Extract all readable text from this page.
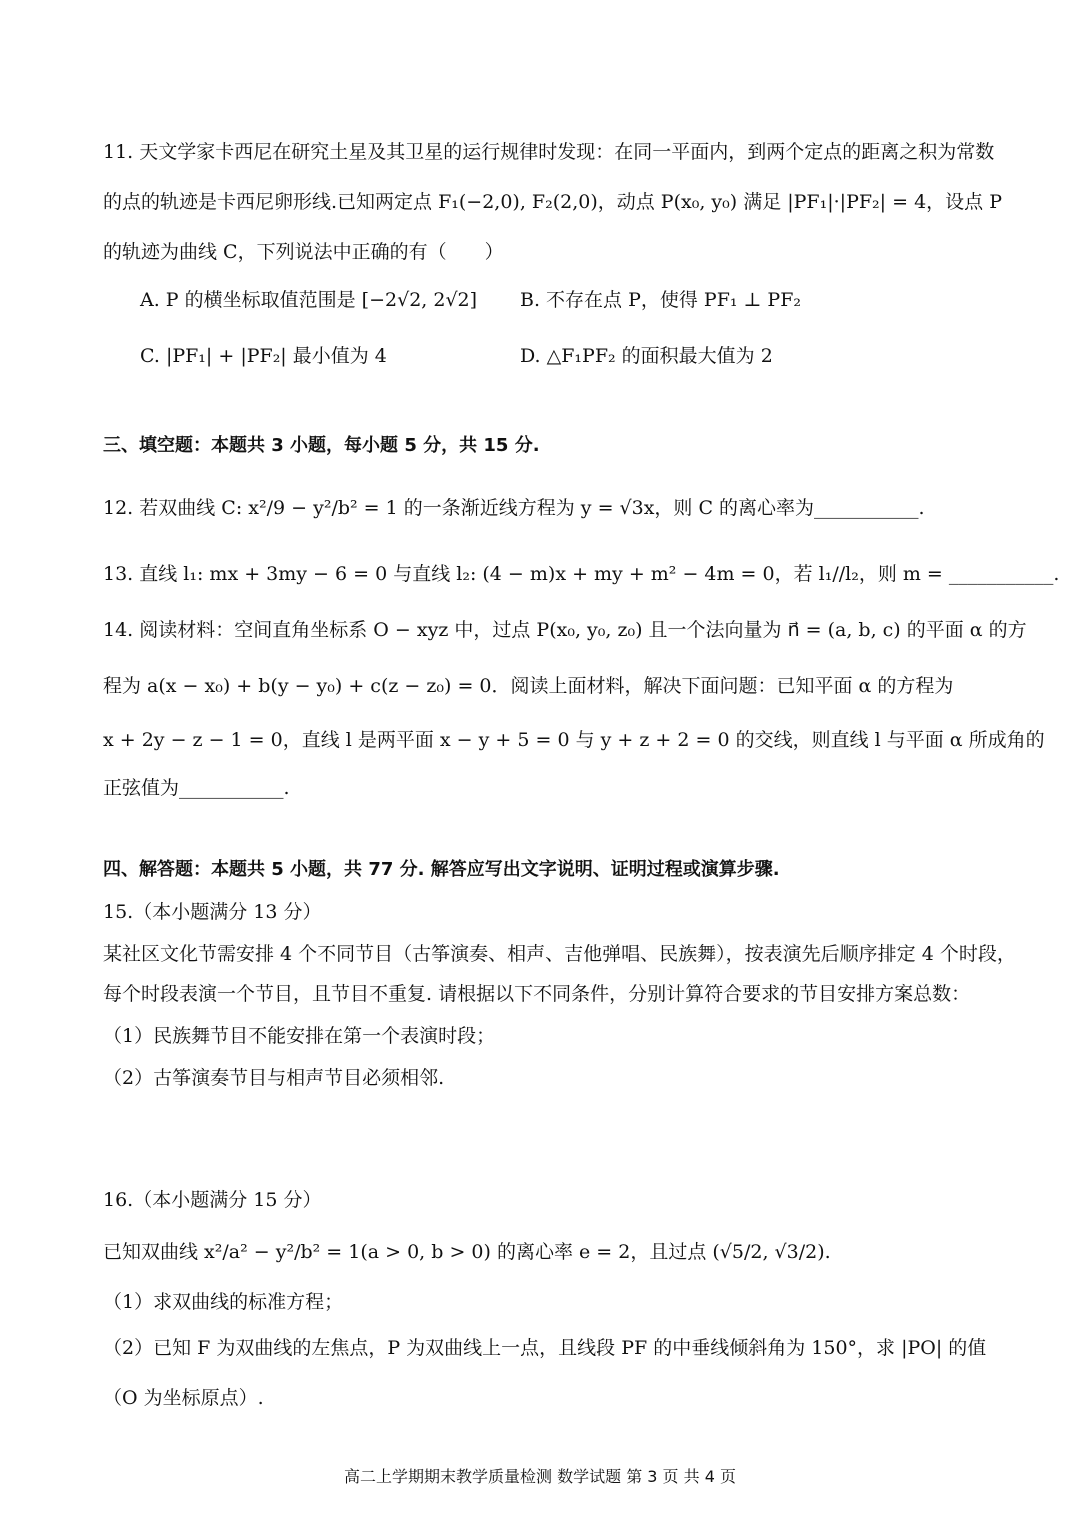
11. 天文学家卡西尼在研究土星及其卫星的运行规律时发现：在同一平面内，到两个定点的距离之积为常数
的点的轨迹是卡西尼卵形线.已知两定点 F₁(−2,0), F₂(2,0)，动点 P(x₀, y₀) 满足 |PF₁|·|PF₂| = 4，设点 P
的轨迹为曲线 C，下列说法中正确的有（　　）
A. P 的横坐标取值范围是 [−2√2, 2√2] B. 不存在点 P，使得 PF₁ ⊥ PF₂
C. |PF₁| + |PF₂| 最小值为 4	D. △F₁PF₂ 的面积最大值为 2
三、填空题：本题共 3 小题，每小题 5 分，共 15 分.
12. 若双曲线 C: x²/9 − y²/b² = 1 的一条渐近线方程为 y = √3x，则 C 的离心率为___________.
13. 直线 l₁: mx + 3my − 6 = 0 与直线 l₂: (4 − m)x + my + m² − 4m = 0，若 l₁//l₂，则 m = ___________.
14. 阅读材料：空间直角坐标系 O − xyz 中，过点 P(x₀, y₀, z₀) 且一个法向量为 n⃗ = (a, b, c) 的平面 α 的方
程为 a(x − x₀) + b(y − y₀) + c(z − z₀) = 0．阅读上面材料，解决下面问题：已知平面 α 的方程为
x + 2y − z − 1 = 0，直线 l 是两平面 x − y + 5 = 0 与 y + z + 2 = 0 的交线，则直线 l 与平面 α 所成角的
正弦值为___________.
四、解答题：本题共 5 小题，共 77 分. 解答应写出文字说明、证明过程或演算步骤.
15.（本小题满分 13 分）
某社区文化节需安排 4 个不同节目（古筝演奏、相声、吉他弹唱、民族舞），按表演先后顺序排定 4 个时段，
每个时段表演一个节目，且节目不重复. 请根据以下不同条件，分别计算符合要求的节目安排方案总数：
（1）民族舞节目不能安排在第一个表演时段；
（2）古筝演奏节目与相声节目必须相邻.
16.（本小题满分 15 分）
已知双曲线 x²/a² − y²/b² = 1(a > 0, b > 0) 的离心率 e = 2，且过点 (√5/2, √3/2).
（1）求双曲线的标准方程；
（2）已知 F 为双曲线的左焦点，P 为双曲线上一点，且线段 PF 的中垂线倾斜角为 150°，求 |PO| 的值
（O 为坐标原点）.
高二上学期期末教学质量检测 数学试题 第 3 页 共 4 页
